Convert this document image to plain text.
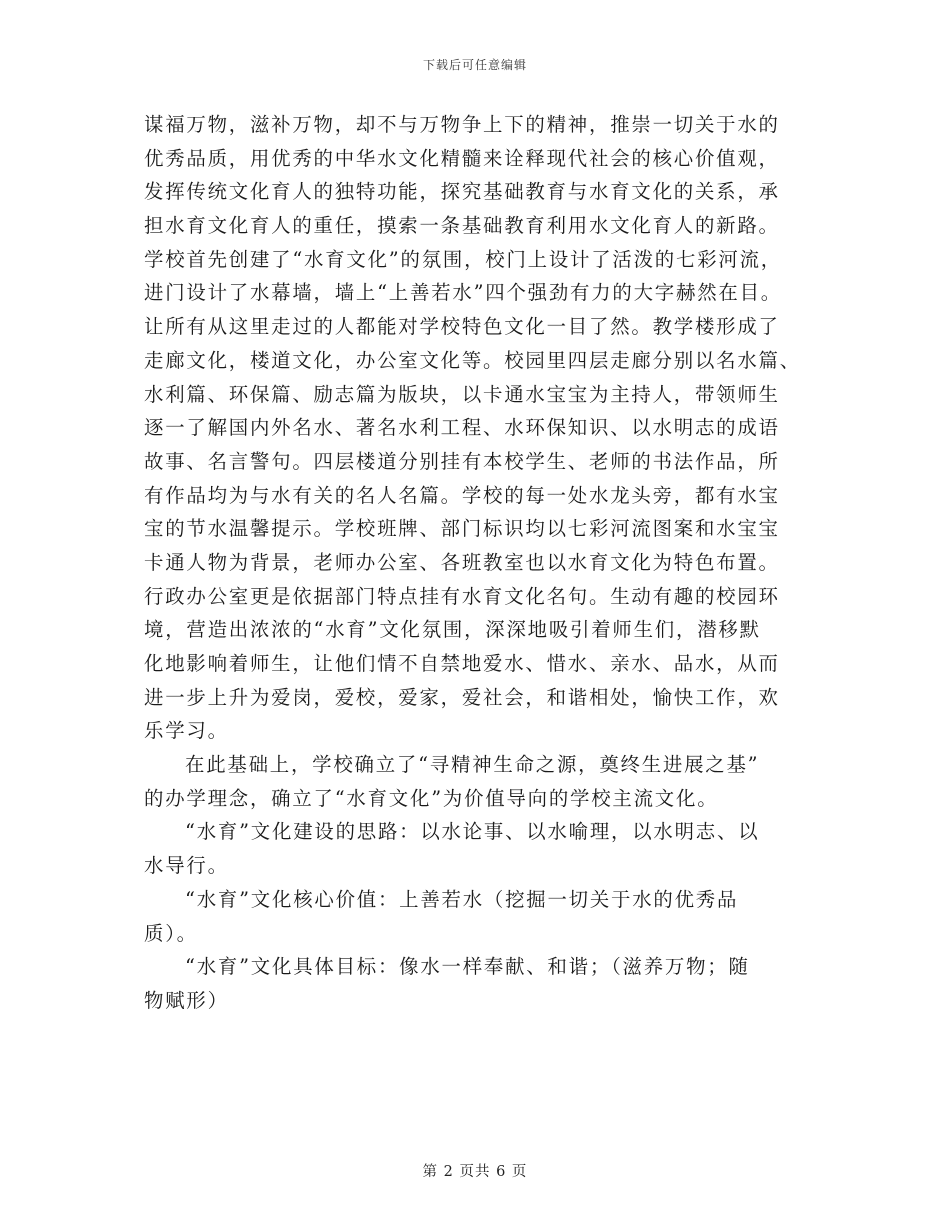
下载后可任意编辑
谋福万物，滋补万物，却不与万物争上下的精神，推崇一切关于水的
优秀品质，用优秀的中华水文化精髓来诠释现代社会的核心价值观，
发挥传统文化育人的独特功能，探究基础教育与水育文化的关系，承
担水育文化育人的重任，摸索一条基础教育利用水文化育人的新路。
学校首先创建了“水育文化”的氛围，校门上设计了活泼的七彩河流，
进门设计了水幕墙，墙上“上善若水”四个强劲有力的大字赫然在目。
让所有从这里走过的人都能对学校特色文化一目了然。教学楼形成了
走廊文化，楼道文化，办公室文化等。校园里四层走廊分别以名水篇、
水利篇、环保篇、励志篇为版块，以卡通水宝宝为主持人，带领师生
逐一了解国内外名水、著名水利工程、水环保知识、以水明志的成语
故事、名言警句。四层楼道分别挂有本校学生、老师的书法作品，所
有作品均为与水有关的名人名篇。学校的每一处水龙头旁，都有水宝
宝的节水温馨提示。学校班牌、部门标识均以七彩河流图案和水宝宝
卡通人物为背景，老师办公室、各班教室也以水育文化为特色布置。
行政办公室更是依据部门特点挂有水育文化名句。生动有趣的校园环
境，营造出浓浓的“水育”文化氛围，深深地吸引着师生们，潜移默
化地影响着师生，让他们情不自禁地爱水、惜水、亲水、品水，从而
进一步上升为爱岗，爱校，爱家，爱社会，和谐相处，愉快工作，欢
乐学习。
在此基础上，学校确立了“寻精神生命之源，奠终生进展之基”
的办学理念，确立了“水育文化”为价值导向的学校主流文化。
“水育”文化建设的思路：以水论事、以水喻理，以水明志、以
水导行。
“水育”文化核心价值：上善若水（挖掘一切关于水的优秀品
质）。
“水育”文化具体目标：像水一样奉献、和谐；（滋养万物；随
物赋形）
第 2 页共 6 页
